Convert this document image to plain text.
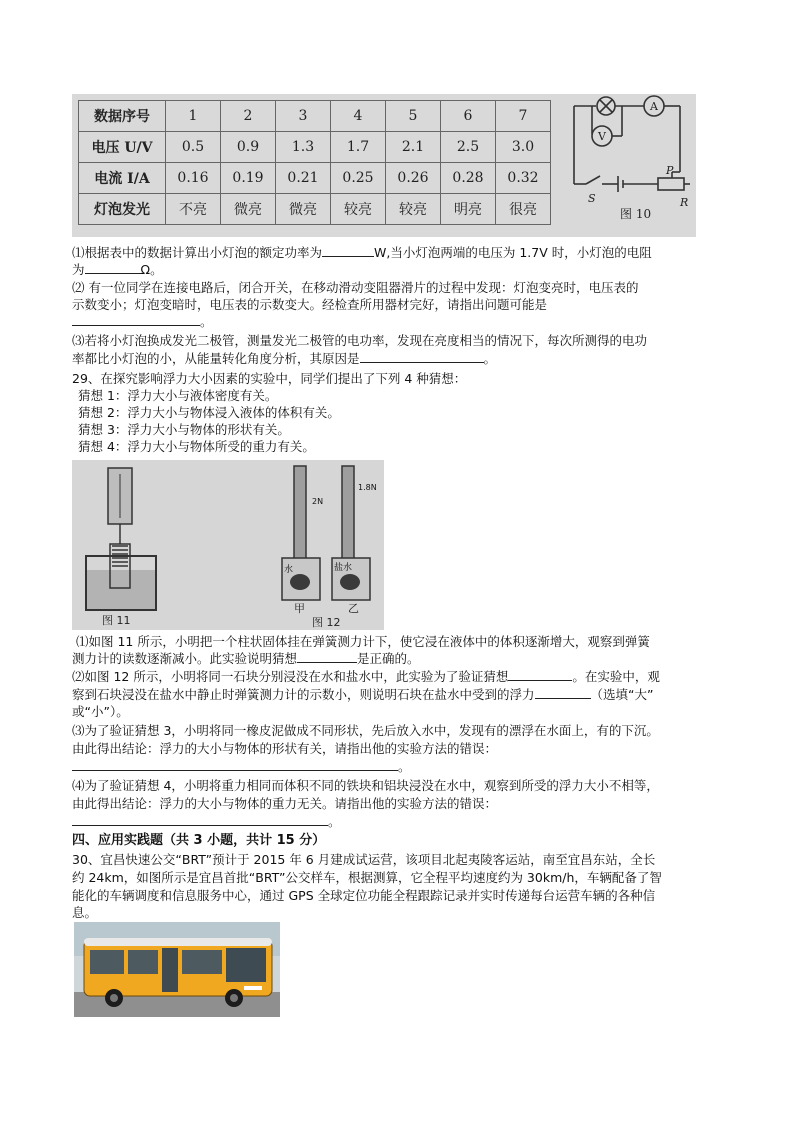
数据序号	1	2	3	4	5	6	7
电压 U/V	0.5	0.9	1.3	1.7	2.1	2.5	3.0
电流 I/A	0.16	0.19	0.21	0.25	0.26	0.28	0.32
灯泡发光	不亮	微亮	微亮	较亮	较亮	明亮	很亮
A
V
S
P
R
图 10
⑴根据表中的数据计算出小灯泡的额定功率为	W,当小灯泡两端的电压为 1.7V 时，小灯泡的电阻
为	Ω。
⑵ 有一位同学在连接电路后，闭合开关，在移动滑动变阻器滑片的过程中发现：灯泡变亮时，电压表的
示数变小；灯泡变暗时，电压表的示数变大。经检查所用器材完好，请指出问题可能是
。
⑶若将小灯泡换成发光二极管，测量发光二极管的电功率，发现在亮度相当的情况下，每次所测得的电功
率都比小灯泡的小，从能量转化角度分析，其原因是	。
29、在探究影响浮力大小因素的实验中，同学们提出了下列 4 种猜想：
猜想 1：浮力大小与液体密度有关。
猜想 2：浮力大小与物体浸入液体的体积有关。
猜想 3：浮力大小与物体的形状有关。
猜想 4：浮力大小与物体所受的重力有关。
图 11
2N
1.8N
水	盐水
甲	乙
图 12
⑴如图 11 所示，小明把一个柱状固体挂在弹簧测力计下，使它浸在液体中的体积逐渐增大，观察到弹簧
测力计的读数逐渐减小。此实验说明猜想	是正确的。
⑵如图 12 所示，小明将同一石块分别浸没在水和盐水中，此实验为了验证猜想	。在实验中，观
察到石块浸没在盐水中静止时弹簧测力计的示数小，则说明石块在盐水中受到的浮力	（选填“大”
或“小”）。
⑶为了验证猜想 3，小明将同一橡皮泥做成不同形状，先后放入水中，发现有的漂浮在水面上，有的下沉。
由此得出结论：浮力的大小与物体的形状有关，请指出他的实验方法的错误：
。
⑷为了验证猜想 4，小明将重力相同而体积不同的铁块和铝块浸没在水中，观察到所受的浮力大小不相等，
由此得出结论：浮力的大小与物体的重力无关。请指出他的实验方法的错误：
。
四、应用实践题（共 3 小题，共计 15 分）
30、宜昌快速公交“BRT”预计于 2015 年 6 月建成试运营，该项目北起夷陵客运站，南至宜昌东站，全长
约 24km，如图所示是宜昌首批“BRT”公交样车，根据测算，它全程平均速度约为 30km/h，车辆配备了智
能化的车辆调度和信息服务中心，通过 GPS 全球定位功能全程跟踪记录并实时传递每台运营车辆的各种信
息。
